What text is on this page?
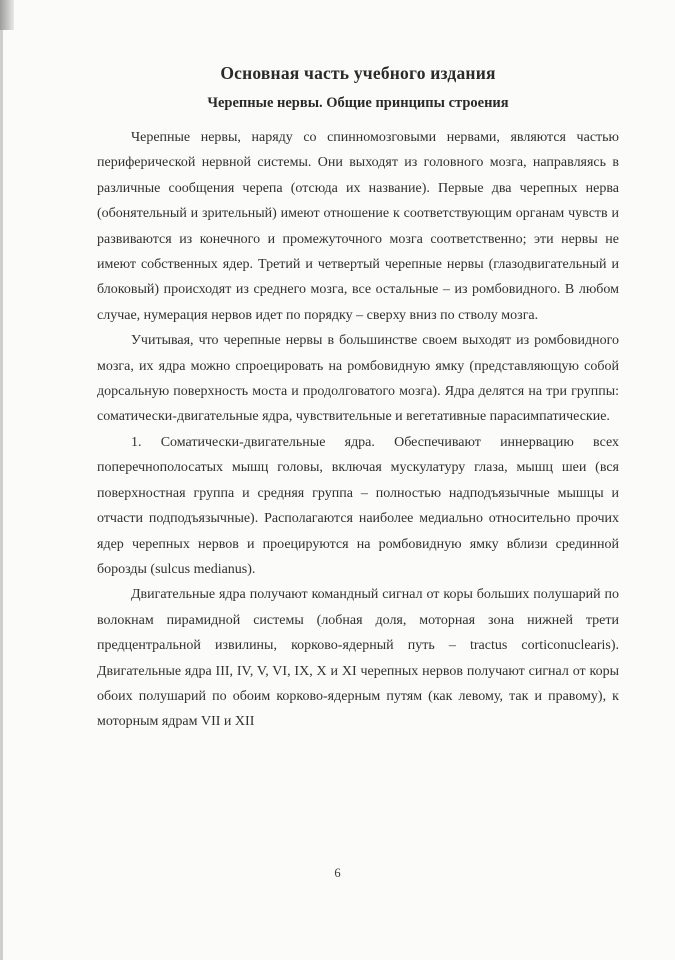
Основная часть учебного издания
Черепные нервы. Общие принципы строения

Черепные нервы, наряду со спинномозговыми нервами, являются частью периферической нервной системы. Они выходят из головного мозга, направляясь в различные сообщения черепа (отсюда их название). Первые два черепных нерва (обонятельный и зрительный) имеют отношение к соответствующим органам чувств и развиваются из конечного и промежуточного мозга соответственно; эти нервы не имеют собственных ядер. Третий и четвертый черепные нервы (глазодвигательный и блоковый) происходят из среднего мозга, все остальные – из ромбовидного. В любом случае, нумерация нервов идет по порядку – сверху вниз по стволу мозга.

Учитывая, что черепные нервы в большинстве своем выходят из ромбовидного мозга, их ядра можно спроецировать на ромбовидную ямку (представляющую собой дорсальную поверхность моста и продолговатого мозга). Ядра делятся на три группы: соматически-двигательные ядра, чувствительные и вегетативные парасимпатические.

1. Соматически-двигательные ядра. Обеспечивают иннервацию всех поперечнополосатых мышц головы, включая мускулатуру глаза, мышц шеи (вся поверхностная группа и средняя группа – полностью надподъязычные мышцы и отчасти подподъязычные). Располагаются наиболее медиально относительно прочих ядер черепных нервов и проецируются на ромбовидную ямку вблизи срединной борозды (sulcus medianus).

Двигательные ядра получают командный сигнал от коры больших полушарий по волокнам пирамидной системы (лобная доля, моторная зона нижней трети предцентральной извилины, корково-ядерный путь – tractus corticonuclearis). Двигательные ядра III, IV, V, VI, IX, X и XI черепных нервов получают сигнал от коры обоих полушарий по обоим корково-ядерным путям (как левому, так и правому), к моторным ядрам VII и XII

6
